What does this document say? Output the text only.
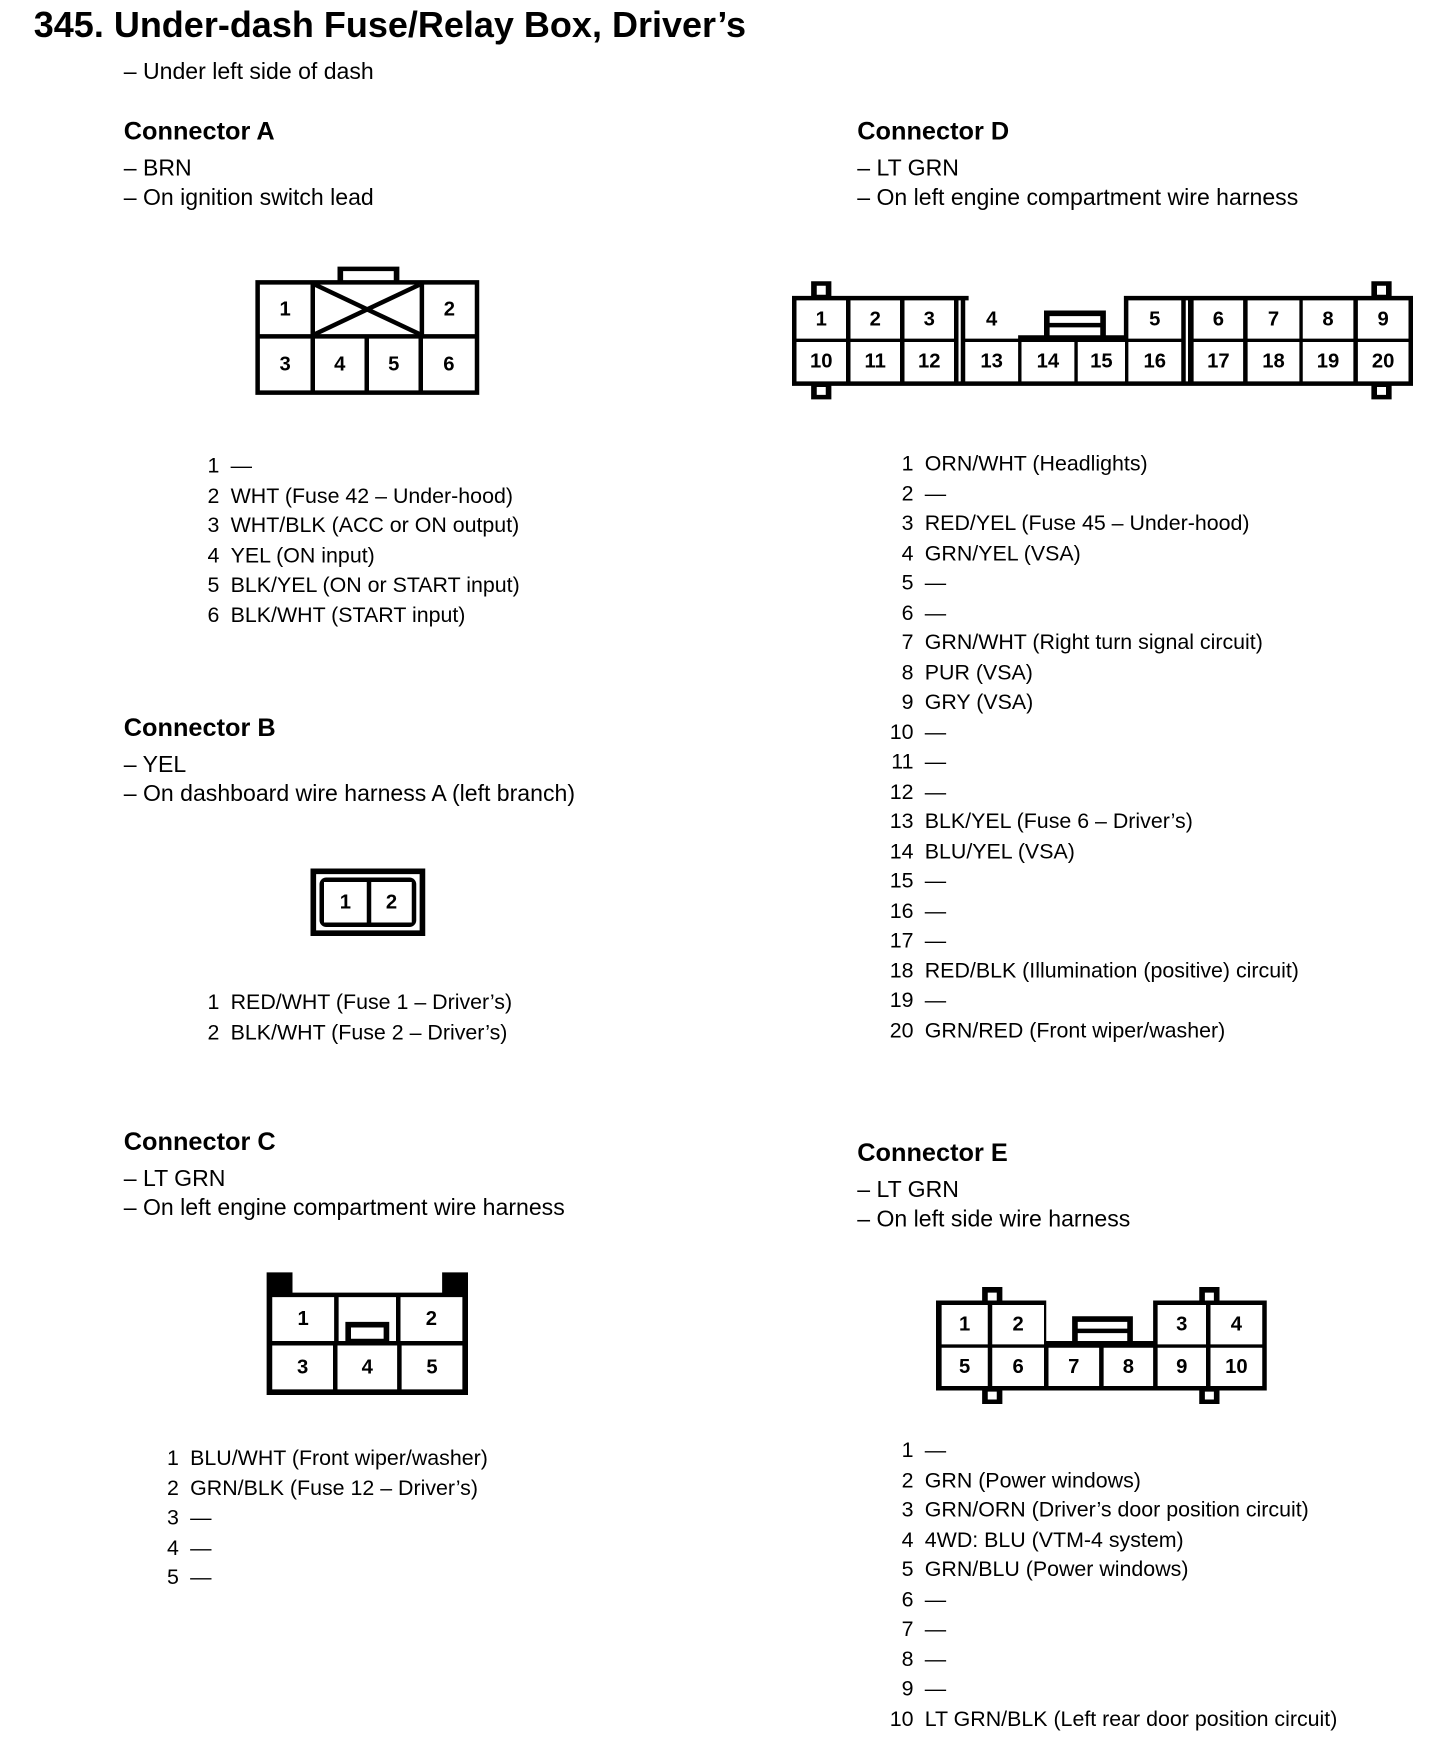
345. Under-dash Fuse/Relay Box, Driver’s
– Under left side of dash
Connector A
– BRN
– On ignition switch lead
Connector B
– YEL
– On dashboard wire harness A (left branch)
Connector C
– LT GRN
– On left engine compartment wire harness
Connector D
– LT GRN
– On left engine compartment wire harness
Connector E
– LT GRN
– On left side wire harness
1 —
2 WHT (Fuse 42 – Under-hood)
3 WHT/BLK (ACC or ON output)
4 YEL (ON input)
5 BLK/YEL (ON or START input)
6 BLK/WHT (START input)
1 RED/WHT (Fuse 1 – Driver’s)
2 BLK/WHT (Fuse 2 – Driver’s)
1 BLU/WHT (Front wiper/washer)
2 GRN/BLK (Fuse 12 – Driver’s)
3 —
4 —
5 —
1 ORN/WHT (Headlights)
2 —
3 RED/YEL (Fuse 45 – Under-hood)
4 GRN/YEL (VSA)
5 —
6 —
7 GRN/WHT (Right turn signal circuit)
8 PUR (VSA)
9 GRY (VSA)
10 —
11 —
12 —
13 BLK/YEL (Fuse 6 – Driver’s)
14 BLU/YEL (VSA)
15 —
16 —
17 —
18 RED/BLK (Illumination (positive) circuit)
19 —
20 GRN/RED (Front wiper/washer)
1 —
2 GRN (Power windows)
3 GRN/ORN (Driver’s door position circuit)
4 4WD: BLU (VTM-4 system)
5 GRN/BLU (Power windows)
6 —
7 —
8 —
9 —
10 LT GRN/BLK (Left rear door position circuit)
1	2
3 4 5 6
1 2
1	2
3	4	5
1 2 3	4	5	6 7 8 9
10 11 12 13 14 15 16 17 18 19 20
1 2	3 4
5 6 7 8 9 10
